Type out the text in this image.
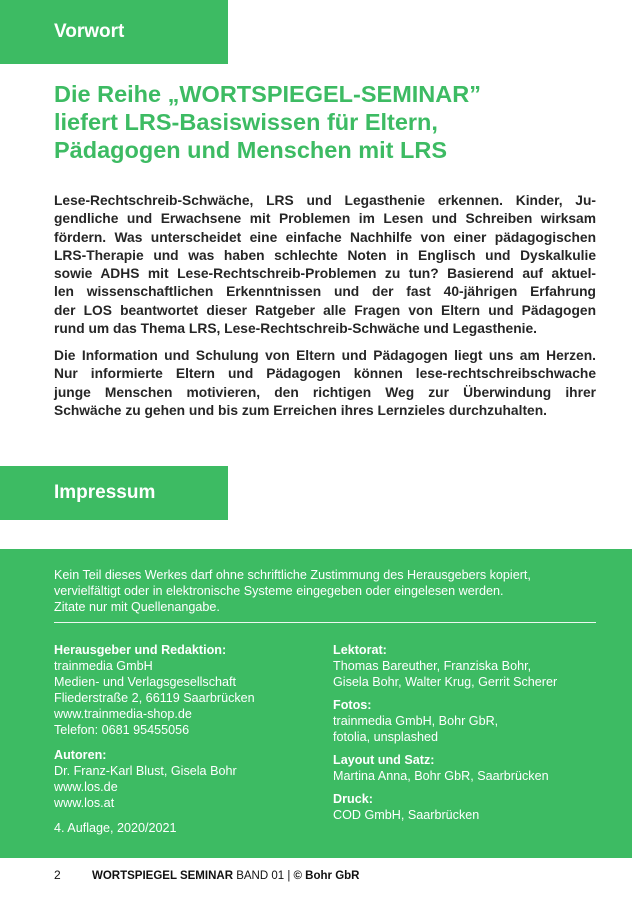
Vorwort
Die Reihe „WORTSPIEGEL-SEMINAR”
liefert LRS-Basiswissen für Eltern,
Pädagogen und Menschen mit LRS

Lese-Rechtschreib-Schwäche, LRS und Legasthenie erkennen. Kinder, Ju-
gendliche und Erwachsene mit Problemen im Lesen und Schreiben wirksam
fördern. Was unterscheidet eine einfache Nachhilfe von einer pädagogischen
LRS-Therapie und was haben schlechte Noten in Englisch und Dyskalkulie
sowie ADHS mit Lese-Rechtschreib-Problemen zu tun? Basierend auf aktuel-
len wissenschaftlichen Erkenntnissen und der fast 40-jährigen Erfahrung
der LOS beantwortet dieser Ratgeber alle Fragen von Eltern und Pädagogen
rund um das Thema LRS, Lese-Rechtschreib-Schwäche und Legasthenie.

Die Information und Schulung von Eltern und Pädagogen liegt uns am Herzen.
Nur informierte Eltern und Pädagogen können lese-rechtschreibschwache
junge Menschen motivieren, den richtigen Weg zur Überwindung ihrer
Schwäche zu gehen und bis zum Erreichen ihres Lernzieles durchzuhalten.

Impressum
Kein Teil dieses Werkes darf ohne schriftliche Zustimmung des Herausgebers kopiert,
vervielfältigt oder in elektronische Systeme eingegeben oder eingelesen werden.
Zitate nur mit Quellenangabe.
Herausgeber und Redaktion:
trainmedia GmbH
Medien- und Verlagsgesellschaft
Fliederstraße 2, 66119 Saarbrücken
www.trainmedia-shop.de
Telefon: 0681 95455056
Autoren:
Dr. Franz-Karl Blust, Gisela Bohr
www.los.de
www.los.at
4. Auflage, 2020/2021
Lektorat:
Thomas Bareuther, Franziska Bohr,
Gisela Bohr, Walter Krug, Gerrit Scherer
Fotos:
trainmedia GmbH, Bohr GbR,
fotolia, unsplashed
Layout und Satz:
Martina Anna, Bohr GbR, Saarbrücken
Druck:
COD GmbH, Saarbrücken
2	WORTSPIEGEL SEMINAR BAND 01 | © Bohr GbR
